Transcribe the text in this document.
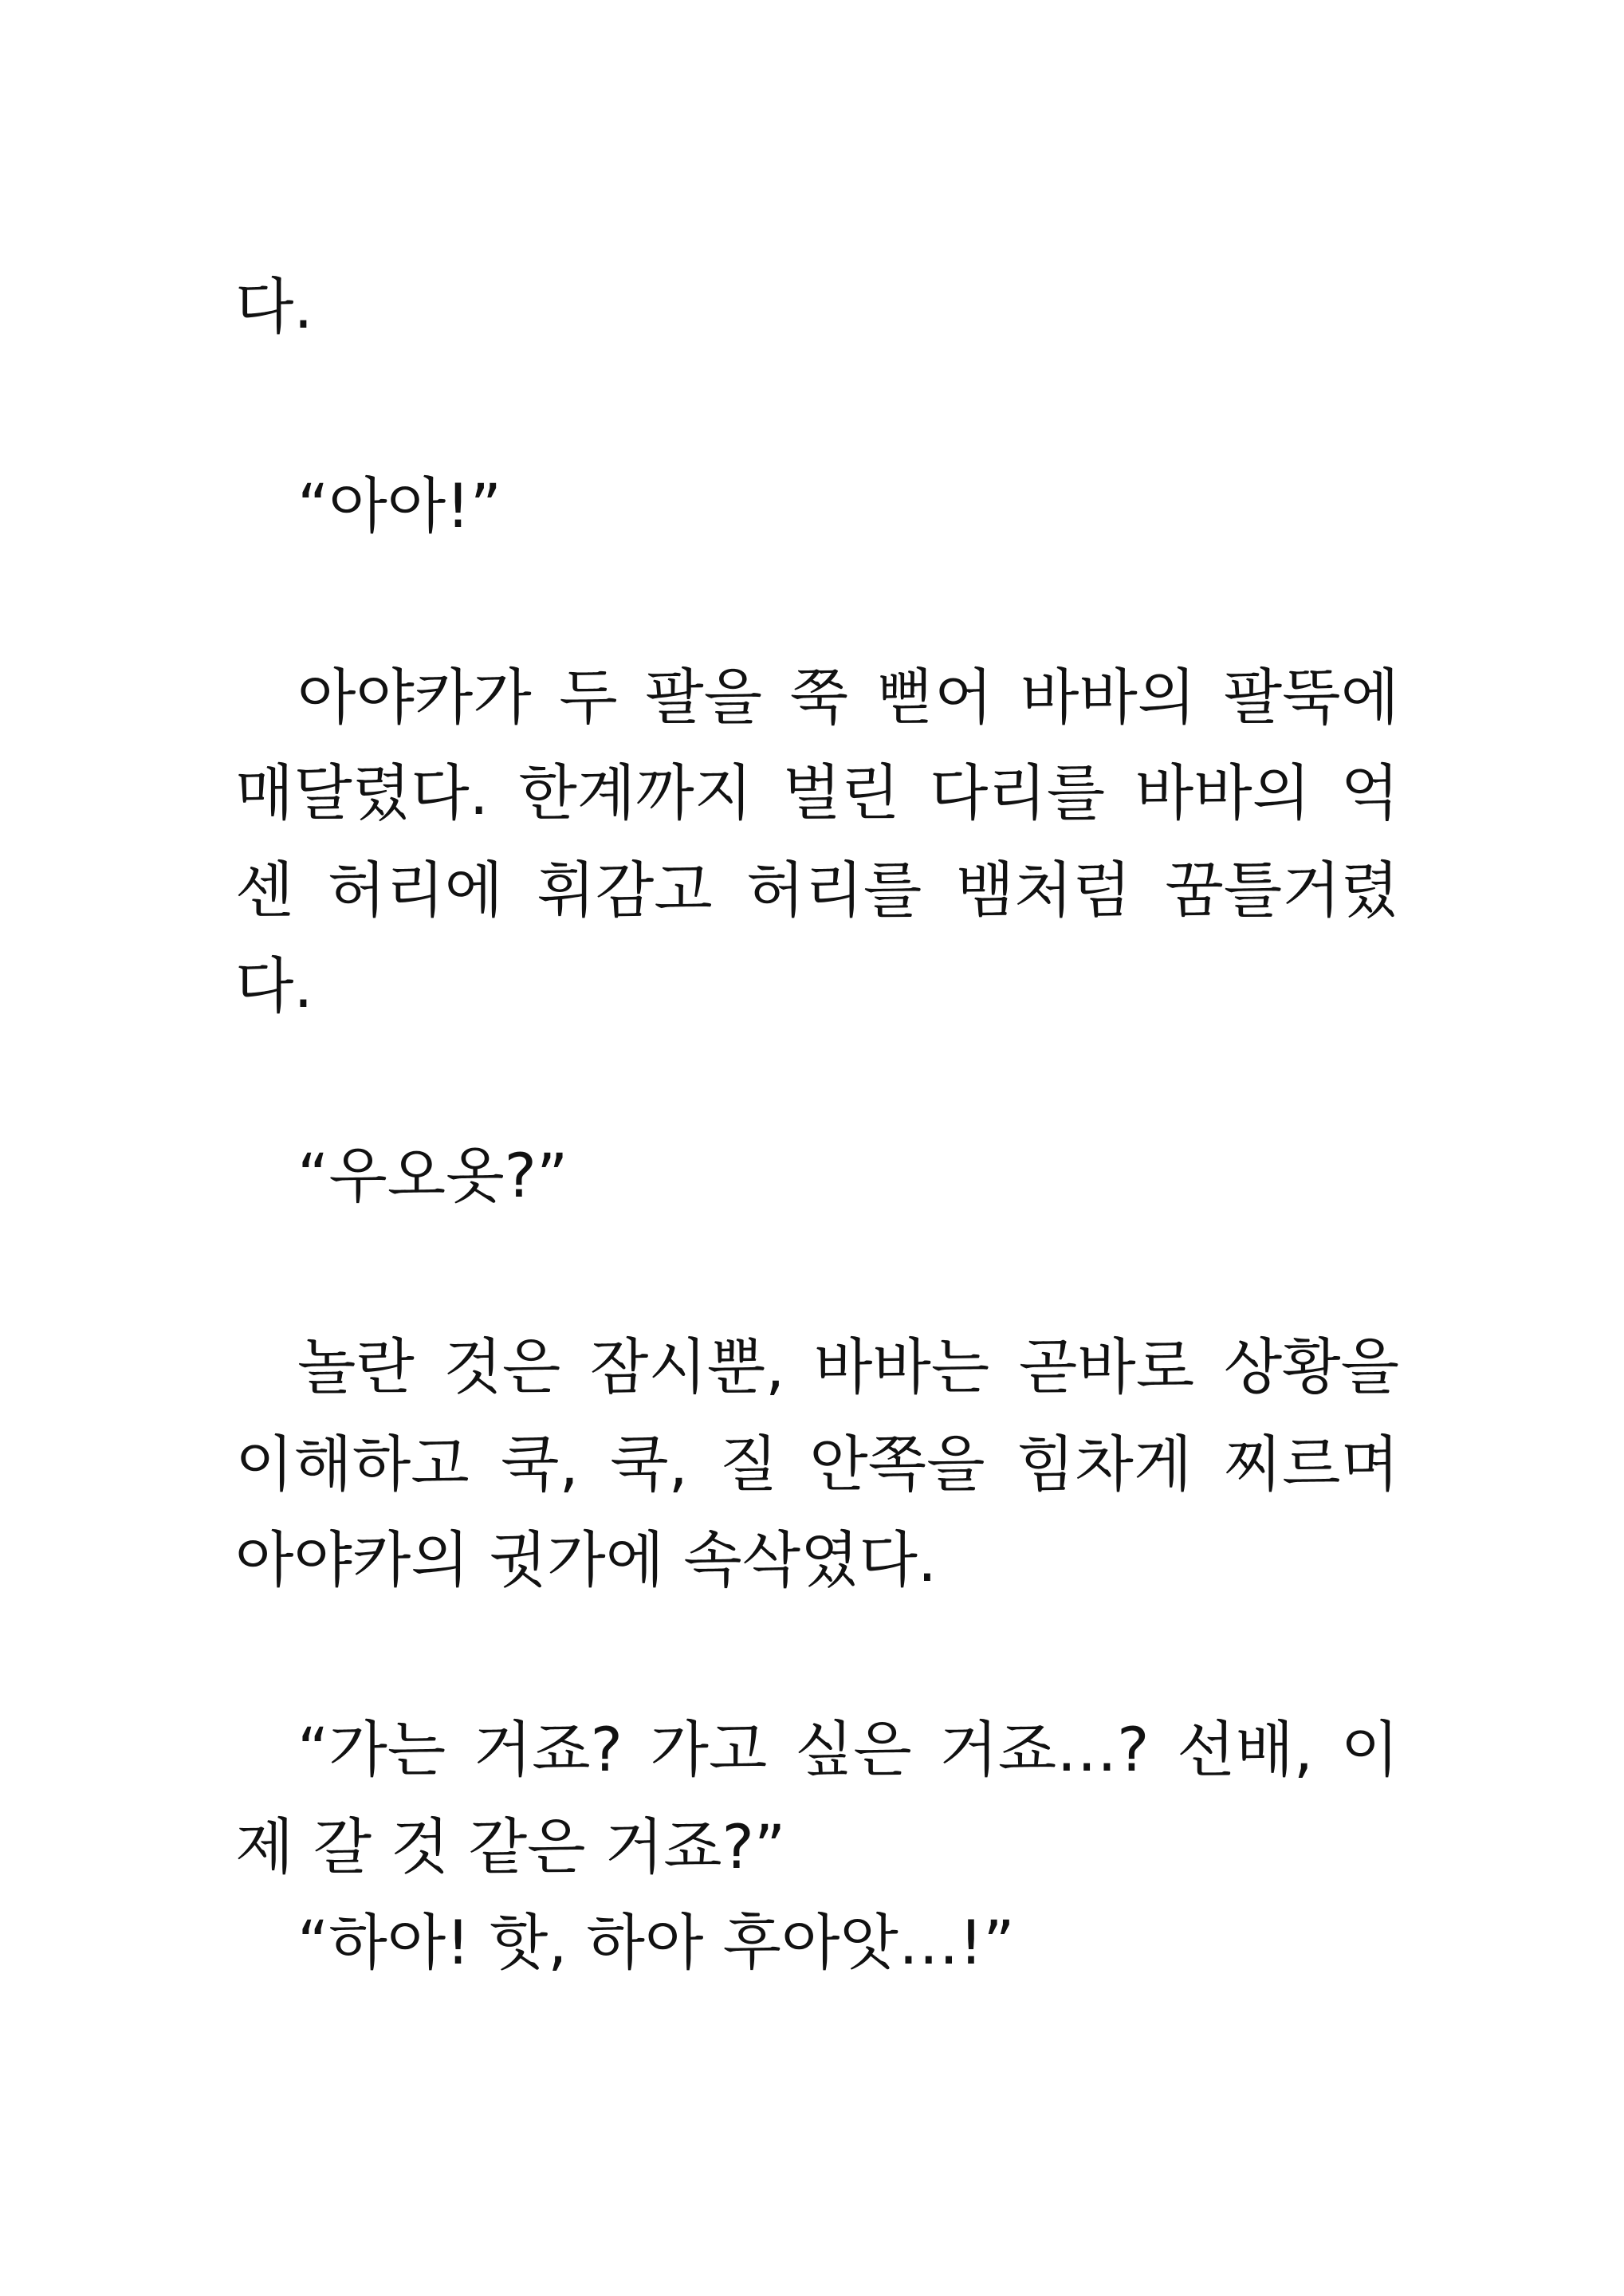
다.
“아아!”
아야카가 두 팔을 쭉 뻗어 바바의 팔뚝에
매달렸다. 한계까지 벌린 다리를 바바의 억
센 허리에 휘감고 허리를 뱀처럼 꿈틀거렸
다.
“우오옷?”
놀란 것은 잠시뿐, 바바는 곧바로 상황을
이해하고 쿡, 쿡, 질 안쪽을 힘차게 찌르며
아야카의 귓가에 속삭였다.
“가는 거죠? 가고 싶은 거죠…? 선배, 이
제 갈 것 같은 거죠?”
“하아! 핫, 하아 후아앗…!”
